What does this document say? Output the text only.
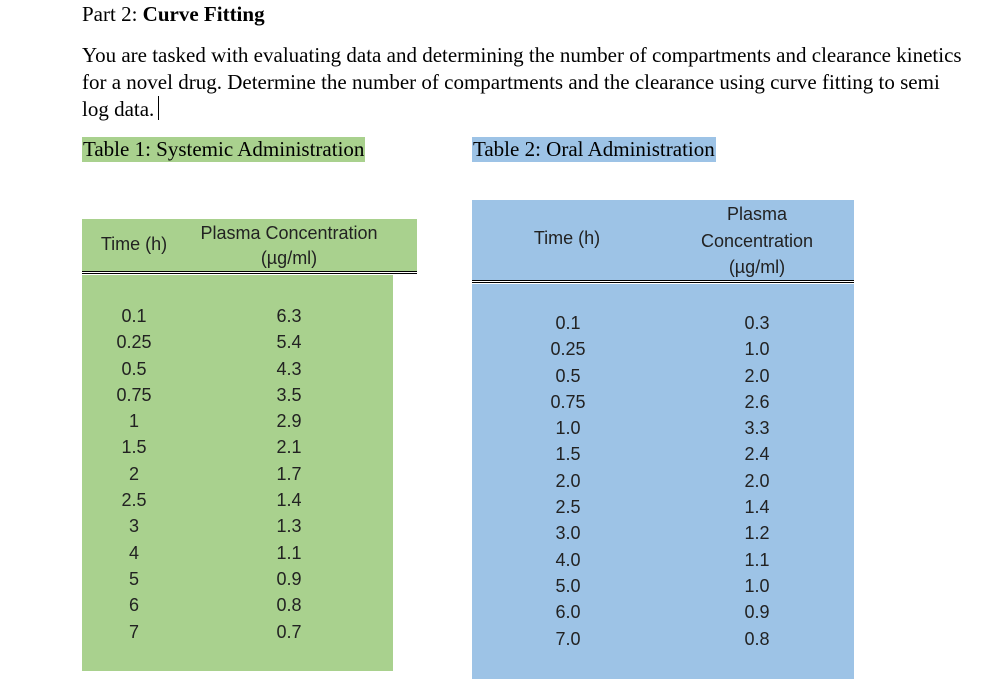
Part 2: Curve Fitting

You are tasked with evaluating data and determining the number of compartments and clearance kinetics for a novel drug. Determine the number of compartments and the clearance using curve fitting to semi log data.

Table 1: Systemic Administration	Table 2: Oral Administration
Time (h)
Plasma Concentration
(µg/ml)
0.1
0.25
0.5
0.75
1
1.5
2
2.5
3
4
5
6
7
6.3
5.4
4.3
3.5
2.9
2.1
1.7
1.4
1.3
1.1
0.9
0.8
0.7
Time (h)
Plasma
Concentration
(µg/ml)
0.1
0.25
0.5
0.75
1.0
1.5
2.0
2.5
3.0
4.0
5.0
6.0
7.0
0.3
1.0
2.0
2.6
3.3
2.4
2.0
1.4
1.2
1.1
1.0
0.9
0.8
